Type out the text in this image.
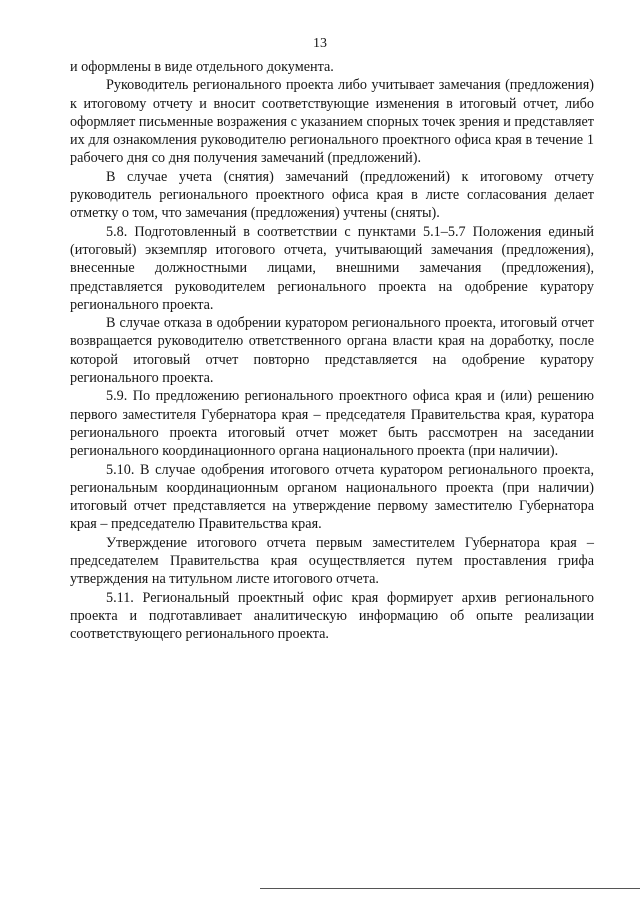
13

и оформлены в виде отдельного документа.

Руководитель регионального проекта либо учитывает замечания (предложения) к итоговому отчету и вносит соответствующие изменения в итоговый отчет, либо оформляет письменные возражения с указанием спорных точек зрения и представляет их для ознакомления руководителю регионального проектного офиса края в течение 1 рабочего дня со дня получения замечаний (предложений).

В случае учета (снятия) замечаний (предложений) к итоговому отчету руководитель регионального проектного офиса края в листе согласования делает отметку о том, что замечания (предложения) учтены (сняты).

5.8. Подготовленный в соответствии с пунктами 5.1–5.7 Положения единый (итоговый) экземпляр итогового отчета, учитывающий замечания (предложения), внесенные должностными лицами, внешними замечания (предложения), представляется руководителем регионального проекта на одобрение куратору регионального проекта.

В случае отказа в одобрении куратором регионального проекта, итоговый отчет возвращается руководителю ответственного органа власти края на доработку, после которой итоговый отчет повторно представляется на одобрение куратору регионального проекта.

5.9. По предложению регионального проектного офиса края и (или) решению первого заместителя Губернатора края – председателя Правительства края, куратора регионального проекта итоговый отчет может быть рассмотрен на заседании регионального координационного органа национального проекта (при наличии).

5.10. В случае одобрения итогового отчета куратором регионального проекта, региональным координационным органом национального проекта (при наличии) итоговый отчет представляется на утверждение первому заместителю Губернатора края – председателю Правительства края.

Утверждение итогового отчета первым заместителем Губернатора края – председателем Правительства края осуществляется путем проставления грифа утверждения на титульном листе итогового отчета.

5.11. Региональный проектный офис края формирует архив регионального проекта и подготавливает аналитическую информацию об опыте реализации соответствующего регионального проекта.
